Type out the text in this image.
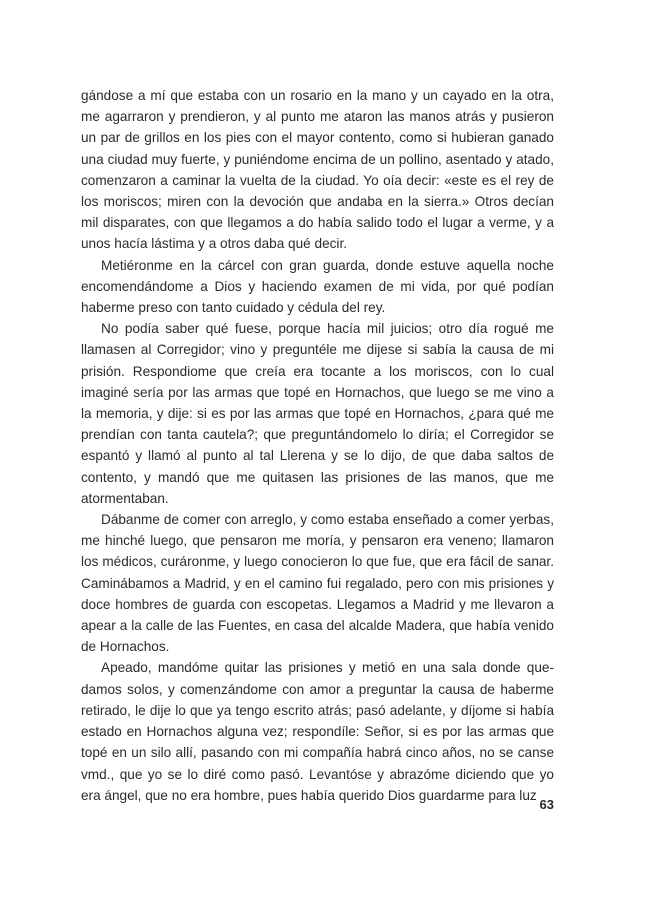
gándose a mí que estaba con un rosario en la mano y un cayado en la otra, me agarraron y prendieron, y al punto me ataron las manos atrás y pusieron un par de grillos en los pies con el mayor contento, como si hubieran ganado una ciudad muy fuerte, y puniéndome encima de un pollino, asentado y atado, comenzaron a caminar la vuelta de la ciudad. Yo oía decir: «este es el rey de los moriscos; miren con la devoción que andaba en la sierra.» Otros decían mil disparates, con que llegamos a do había salido todo el lugar a verme, y a unos hacía lástima y a otros daba qué decir.

Metiéronme en la cárcel con gran guarda, donde estuve aquella noche encomendándome a Dios y haciendo examen de mi vida, por qué podían haberme preso con tanto cuidado y cédula del rey.

No podía saber qué fuese, porque hacía mil juicios; otro día rogué me llamasen al Corregidor; vino y preguntéle me dijese si sabía la causa de mi prisión. Respondiome que creía era tocante a los moriscos, con lo cual imaginé sería por las armas que topé en Hornachos, que luego se me vino a la memoria, y dije: si es por las armas que topé en Hornachos, ¿para qué me prendían con tanta cautela?; que preguntándomelo lo diría; el Corregidor se espantó y llamó al punto al tal Llerena y se lo dijo, de que daba saltos de contento, y mandó que me quitasen las prisiones de las manos, que me atormentaban.

Dábanme de comer con arreglo, y como estaba enseñado a comer yerbas, me hinché luego, que pensaron me moría, y pensaron era veneno; llamaron los médicos, curáronme, y luego conocieron lo que fue, que era fácil de sanar. Caminábamos a Madrid, y en el camino fui regalado, pero con mis prisiones y doce hombres de guarda con escopetas. Llegamos a Madrid y me llevaron a apear a la calle de las Fuentes, en casa del alcalde Madera, que había venido de Hornachos.

Apeado, mandóme quitar las prisiones y metió en una sala donde quedamos solos, y comenzándome con amor a preguntar la causa de haberme retirado, le dije lo que ya tengo escrito atrás; pasó adelante, y díjome si había estado en Hornachos alguna vez; respondíle: Señor, si es por las armas que topé en un silo allí, pasando con mi compañía habrá cinco años, no se canse vmd., que yo se lo diré como pasó. Levantóse y abrazóme diciendo que yo era ángel, que no era hombre, pues había querido Dios guardarme para luz

63
